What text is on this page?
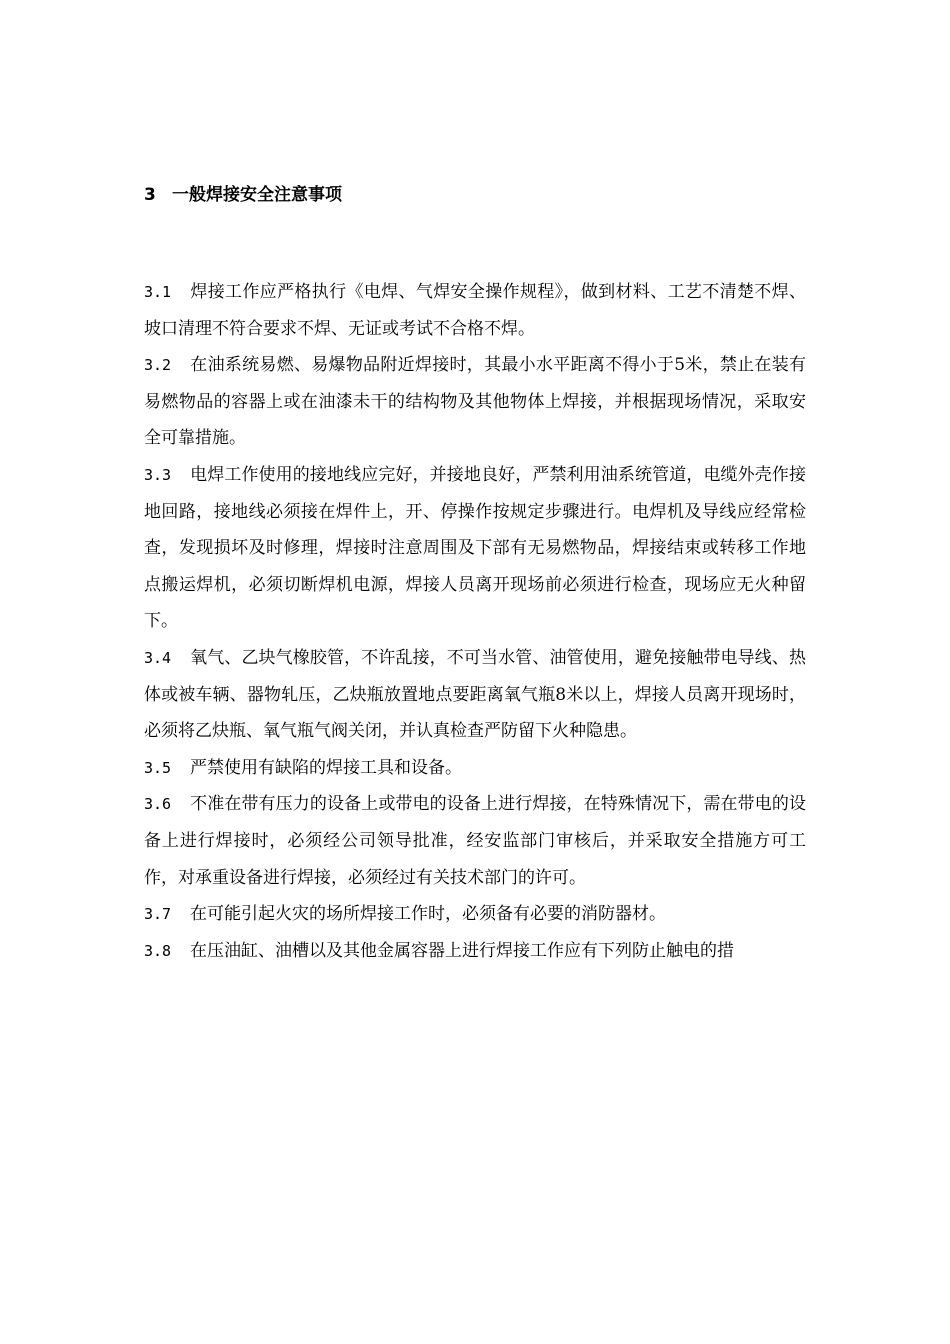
3 一般焊接安全注意事项

3.1 焊接工作应严格执行《电焊、气焊安全操作规程》，做到材料、工艺不清楚不焊、坡口清理不符合要求不焊、无证或考试不合格不焊。

3.2 在油系统易燃、易爆物品附近焊接时，其最小水平距离不得小于5米，禁止在装有易燃物品的容器上或在油漆未干的结构物及其他物体上焊接，并根据现场情况，采取安全可靠措施。

3.3 电焊工作使用的接地线应完好，并接地良好，严禁利用油系统管道，电缆外壳作接地回路，接地线必须接在焊件上，开、停操作按规定步骤进行。电焊机及导线应经常检查，发现损坏及时修理，焊接时注意周围及下部有无易燃物品，焊接结束或转移工作地点搬运焊机，必须切断焊机电源，焊接人员离开现场前必须进行检查，现场应无火种留下。

3.4 氧气、乙块气橡胶管，不许乱接，不可当水管、油管使用，避免接触带电导线、热体或被车辆、器物轧压，乙炔瓶放置地点要距离氧气瓶8米以上，焊接人员离开现场时，必须将乙炔瓶、氧气瓶气阀关闭，并认真检查严防留下火种隐患。

3.5 严禁使用有缺陷的焊接工具和设备。

3.6 不准在带有压力的设备上或带电的设备上进行焊接，在特殊情况下，需在带电的设备上进行焊接时，必须经公司领导批准，经安监部门审核后，并采取安全措施方可工作，对承重设备进行焊接，必须经过有关技术部门的许可。

3.7 在可能引起火灾的场所焊接工作时，必须备有必要的消防器材。

3.8 在压油缸、油槽以及其他金属容器上进行焊接工作应有下列防止触电的措
